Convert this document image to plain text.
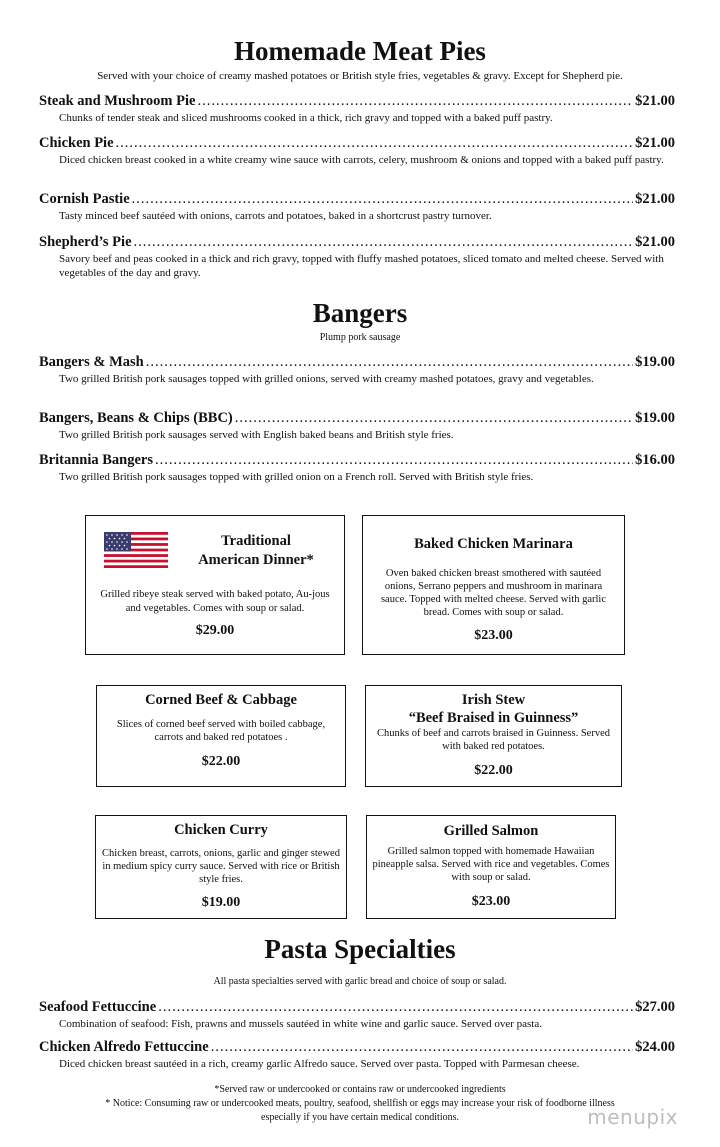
Homemade Meat Pies
Served with your choice of creamy mashed potatoes or British style fries, vegetables & gravy. Except for Shepherd pie.
Steak and Mushroom Pie .....	$21.00
Chunks of tender steak and sliced mushrooms cooked in a thick, rich gravy and topped with a baked puff pastry.
Chicken Pie .....	$21.00
Diced chicken breast cooked in a white creamy wine sauce with carrots, celery, mushroom & onions and topped with a baked puff pastry.
Cornish Pastie .....	$21.00
Tasty minced beef sautéed with onions, carrots and potatoes, baked in a shortcrust pastry turnover.
Shepherd’s Pie .....	$21.00
Savory beef and peas cooked in a thick and rich gravy, topped with fluffy mashed potatoes, sliced tomato and melted cheese. Served with vegetables of the day and gravy.
Bangers
Plump pork sausage
Bangers & Mash .....	$19.00
Two grilled British pork sausages topped with grilled onions, served with creamy mashed potatoes, gravy and vegetables.
Bangers, Beans & Chips (BBC) .....	$19.00
Two grilled British pork sausages served with English baked beans and British style fries.
Britannia Bangers .....	$16.00
Two grilled British pork sausages topped with grilled onion on a French roll. Served with British style fries.
Traditional
American Dinner*
Grilled ribeye steak served with baked potato, Au-jous and vegetables. Comes with soup or salad.
$29.00
Baked Chicken Marinara
Oven baked chicken breast smothered with sautéed onions, Serrano peppers and mushroom in marinara sauce. Topped with melted cheese. Served with garlic bread. Comes with soup or salad.
$23.00
Corned Beef & Cabbage
Slices of corned beef served with boiled cabbage, carrots and baked red potatoes .
$22.00
Irish Stew
“Beef Braised in Guinness”
Chunks of beef and carrots braised in Guinness. Served with baked red potatoes.
$22.00
Chicken Curry
Chicken breast, carrots, onions, garlic and ginger stewed in medium spicy curry sauce. Served with rice or British style fries.
$19.00
Grilled Salmon
Grilled salmon topped with homemade Hawaiian pineapple salsa. Served with rice and vegetables. Comes with soup or salad.
$23.00
Pasta Specialties
All pasta specialties served with garlic bread and choice of soup or salad.
Seafood Fettuccine .....	$27.00
Combination of seafood: Fish, prawns and mussels sautéed in white wine and garlic sauce. Served over pasta.
Chicken Alfredo Fettuccine .....	$24.00
Diced chicken breast sautéed in a rich, creamy garlic Alfredo sauce. Served over pasta. Topped with Parmesan cheese.
*Served raw or undercooked or contains raw or undercooked ingredients
* Notice: Consuming raw or undercooked meats, poultry, seafood, shellfish or eggs may increase your risk of foodborne illness
especially if you have certain medical conditions.	menupix
